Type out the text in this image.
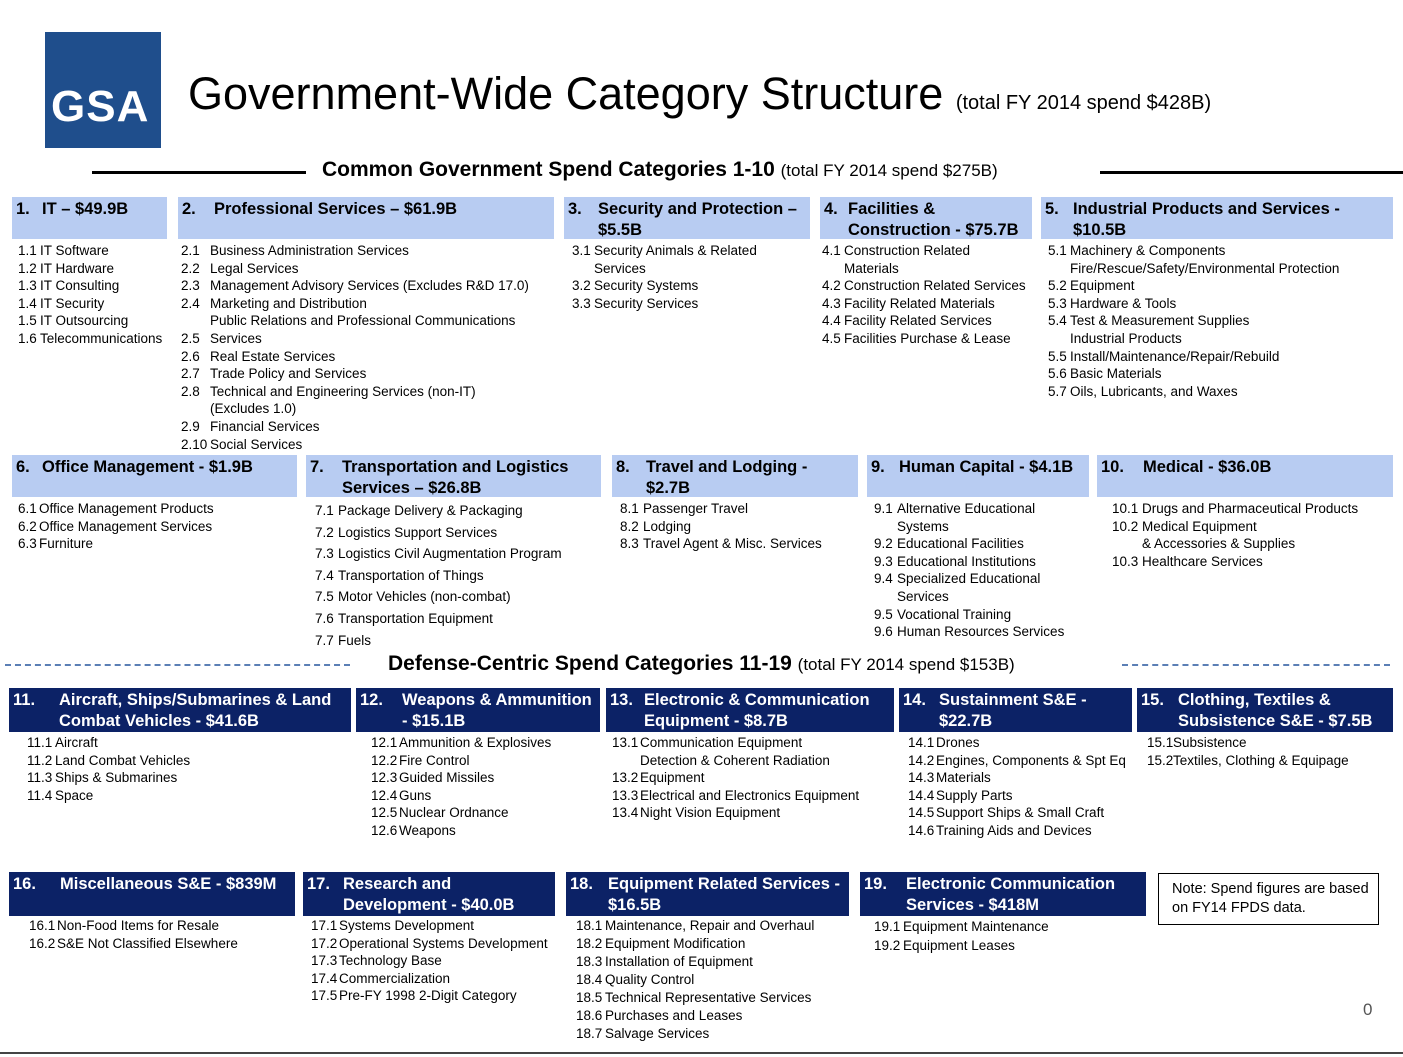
GSA Government-Wide Category Structure (total FY 2014 spend $428B)
Common Government Spend Categories 1-10 (total FY 2014 spend $275B)
Defense-Centric Spend Categories 11-19 (total FY 2014 spend $153B)
1. IT – $49.9B
1.1 IT Software
1.2 IT Hardware
1.3 IT Consulting
1.4 IT Security
1.5 IT Outsourcing
1.6 Telecommunications
2.	Professional Services – $61.9B
2.1 Business Administration Services
2.2 Legal Services
2.3 Management Advisory Services (Excludes R&D 17.0)
2.4 Marketing and Distribution
Public Relations and Professional Communications
2.5 Services
2.6 Real Estate Services
2.7 Trade Policy and Services
2.8 Technical and Engineering Services (non-IT)
(Excludes 1.0)
2.9 Financial Services
2.10 Social Services
3. Security and Protection – $5.5B
3.1 Security Animals & Related
Services
3.2 Security Systems
3.3 Security Services
4. Facilities & Construction - $75.7B
4.1 Construction Related
Materials
4.2 Construction Related Services
4.3 Facility Related Materials
4.4 Facility Related Services
4.5 Facilities Purchase & Lease
5. Industrial Products and Services - $10.5B
5.1 Machinery & Components
Fire/Rescue/Safety/Environmental Protection
5.2 Equipment
5.3 Hardware & Tools
5.4 Test & Measurement Supplies
Industrial Products
5.5 Install/Maintenance/Repair/Rebuild
5.6 Basic Materials
5.7 Oils, Lubricants, and Waxes
6. Office Management - $1.9B
6.1 Office Management Products
6.2 Office Management Services
6.3 Furniture
7.	Transportation and Logistics Services – $26.8B
7.1 Package Delivery & Packaging
7.2 Logistics Support Services
7.3 Logistics Civil Augmentation Program
7.4 Transportation of Things
7.5 Motor Vehicles (non-combat)
7.6 Transportation Equipment
7.7 Fuels
8. Travel and Lodging - $2.7B
8.1 Passenger Travel
8.2 Lodging
8.3 Travel Agent & Misc. Services
9. Human Capital - $4.1B
9.1 Alternative Educational
Systems
9.2 Educational Facilities
9.3 Educational Institutions
9.4 Specialized Educational
Services
9.5 Vocational Training
9.6 Human Resources Services
10.	Medical - $36.0B
10.1 Drugs and Pharmaceutical Products
10.2 Medical Equipment
& Accessories & Supplies
10.3 Healthcare Services
11.	Aircraft, Ships/Submarines & Land Combat Vehicles - $41.6B
11.1 Aircraft
11.2 Land Combat Vehicles
11.3 Ships & Submarines
11.4 Space
12.	Weapons & Ammunition - $15.1B
12.1 Ammunition & Explosives
12.2 Fire Control
12.3 Guided Missiles
12.4 Guns
12.5 Nuclear Ordnance
12.6 Weapons
13. Electronic & Communication Equipment - $8.7B
13.1 Communication Equipment
Detection & Coherent Radiation
13.2 Equipment
13.3 Electrical and Electronics Equipment
13.4 Night Vision Equipment
14. Sustainment S&E - $22.7B
14.1 Drones
14.2 Engines, Components & Spt Eq
14.3 Materials
14.4 Supply Parts
14.5 Support Ships & Small Craft
14.6 Training Aids and Devices
15. Clothing, Textiles & Subsistence S&E - $7.5B
15.1 Subsistence
15.2 Textiles, Clothing & Equipage
16.	Miscellaneous S&E - $839M
16.1 Non-Food Items for Resale
16.2 S&E Not Classified Elsewhere
17. Research and Development - $40.0B
17.1 Systems Development
17.2 Operational Systems Development
17.3 Technology Base
17.4 Commercialization
17.5 Pre-FY 1998 2-Digit Category
18. Equipment Related Services - $16.5B
18.1 Maintenance, Repair and Overhaul
18.2 Equipment Modification
18.3 Installation of Equipment
18.4 Quality Control
18.5 Technical Representative Services
18.6 Purchases and Leases
18.7 Salvage Services
19.	Electronic Communication Services - $418M
19.1 Equipment Maintenance
19.2 Equipment Leases
Note: Spend figures are based on FY14 FPDS data.
0
